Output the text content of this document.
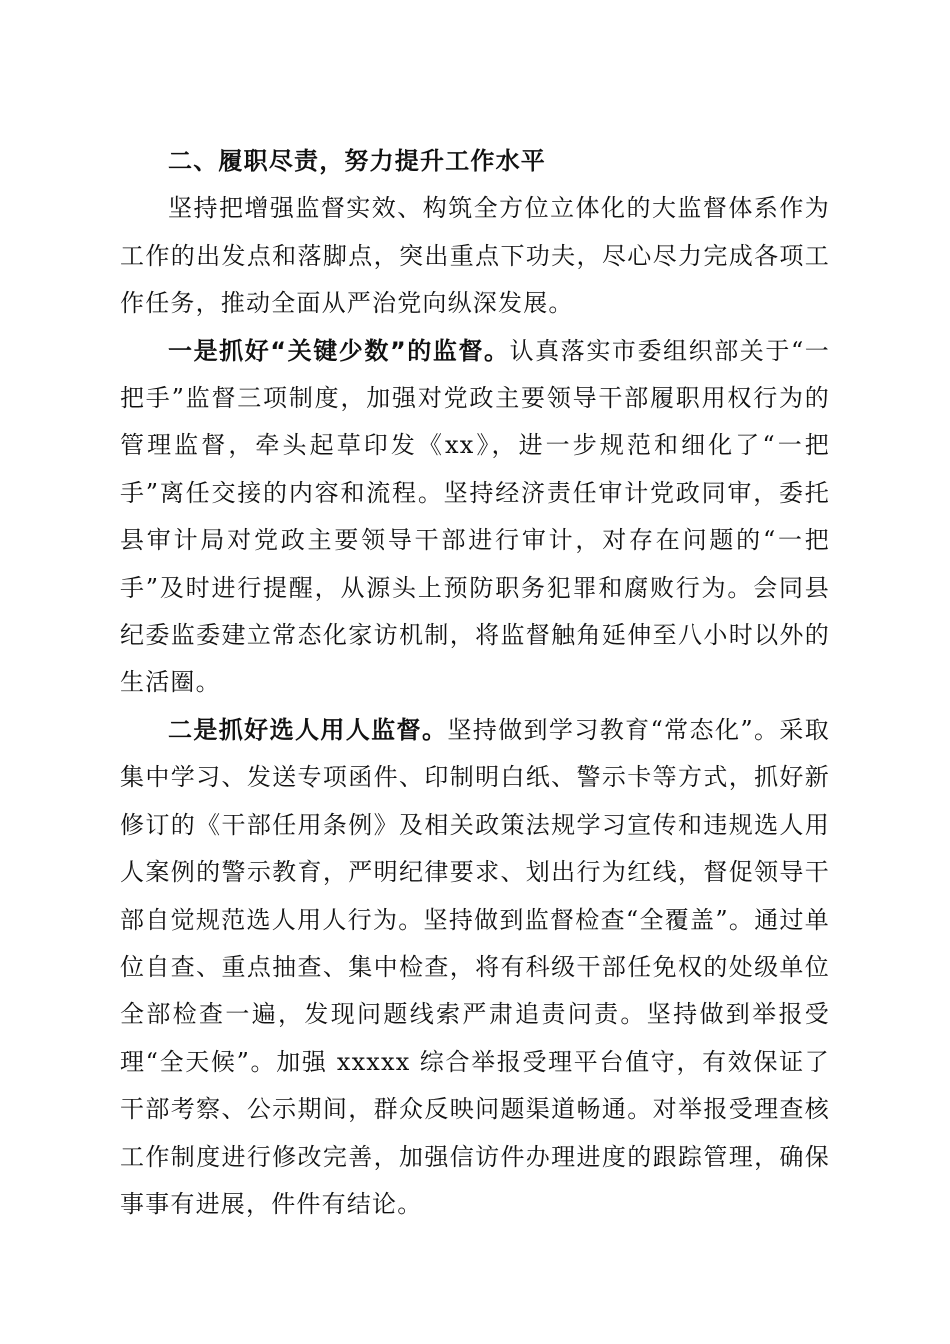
二、履职尽责，努力提升工作水平

坚持把增强监督实效、构筑全方位立体化的大监督体系作为工作的出发点和落脚点，突出重点下功夫，尽心尽力完成各项工作任务，推动全面从严治党向纵深发展。

一是抓好“关键少数”的监督。认真落实市委组织部关于“一把手”监督三项制度，加强对党政主要领导干部履职用权行为的管理监督，牵头起草印发《xx》，进一步规范和细化了“一把手”离任交接的内容和流程。坚持经济责任审计党政同审，委托县审计局对党政主要领导干部进行审计，对存在问题的“一把手”及时进行提醒，从源头上预防职务犯罪和腐败行为。会同县纪委监委建立常态化家访机制，将监督触角延伸至八小时以外的生活圈。

二是抓好选人用人监督。坚持做到学习教育“常态化”。采取集中学习、发送专项函件、印制明白纸、警示卡等方式，抓好新修订的《干部任用条例》及相关政策法规学习宣传和违规选人用人案例的警示教育，严明纪律要求、划出行为红线，督促领导干部自觉规范选人用人行为。坚持做到监督检查“全覆盖”。通过单位自查、重点抽查、集中检查，将有科级干部任免权的处级单位全部检查一遍，发现问题线索严肃追责问责。坚持做到举报受理“全天候”。加强 xxxxx 综合举报受理平台值守，有效保证了干部考察、公示期间，群众反映问题渠道畅通。对举报受理查核工作制度进行修改完善，加强信访件办理进度的跟踪管理，确保事事有进展，件件有结论。
